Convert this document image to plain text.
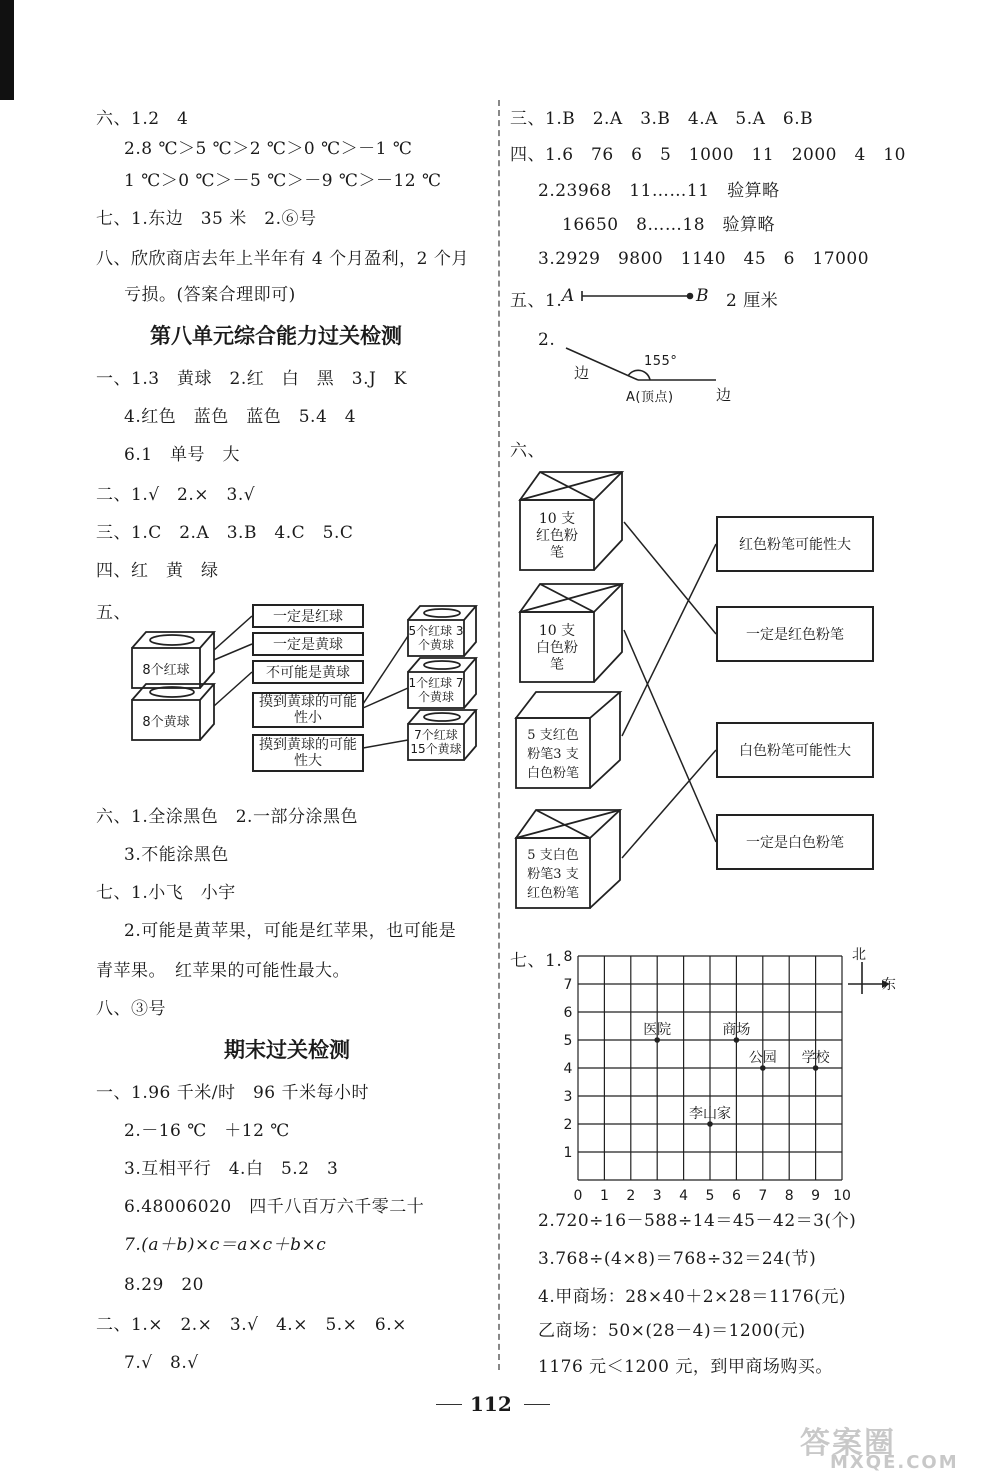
六、1.2　4
2.8 ℃＞5 ℃＞2 ℃＞0 ℃＞－1 ℃
1 ℃＞0 ℃＞－5 ℃＞－9 ℃＞－12 ℃
七、1.东边　35 米　2.⑥号
八、欣欣商店去年上半年有 4 个月盈利，2 个月
亏损。(答案合理即可)
第八单元综合能力过关检测
一、1.3　黄球　2.红　白　黑　3.J　K
4.红色　蓝色　蓝色　5.4　4
6.1　单号　大
二、1.√　2.×　3.√
三、1.C　2.A　3.B　4.C　5.C
四、红　黄　绿
五、
8个红球
8个黄球
一定是红球
一定是黄球
不可能是黄球
摸到黄球的可能性小
摸到黄球的可能性大
5个红球 3个黄球
1个红球 7个黄球
7个红球 15个黄球
六、1.全涂黑色　2.一部分涂黑色
3.不能涂黑色
七、1.小飞　小宇
2.可能是黄苹果，可能是红苹果，也可能是
青苹果。　红苹果的可能性最大。
八、③号
期末过关检测
一、1.96 千米/时　96 千米每小时
2.－16 ℃　＋12 ℃
3.互相平行　4.白　5.2　3
6.48006020　四千八百万六千零二十
7.(a＋b)×c＝a×c＋b×c
8.29　20
二、1.×　2.×　3.√　4.×　5.×　6.×
7.√　8.√
三、1.B　2.A　3.B　4.A　5.A　6.B
四、1.6　76　6　5　1000　11　2000　4　10
2.23968　11……11　验算略
16650　8……18　验算略
3.2929　9800　1140　45　6　17000
五、1. A	B 2 厘米
2.
边
155°
A(顶点)	边
六、
10 支红色粉笔
10 支白色粉笔
5 支红色粉笔3 支白色粉笔
5 支白色粉笔3 支红色粉笔
红色粉笔可能性大
一定是红色粉笔
白色粉笔可能性大
一定是白色粉笔
七、1.
0 1 2 3 4 5 6 7 8 9 10
1
2
3
4
5
6
7
8
医院	商场
公园 学校
李山家
北
东
2.720÷16－588÷14＝45－42＝3(个)
3.768÷(4×8)＝768÷32＝24(节)
4.甲商场：28×40＋2×28＝1176(元)
乙商场：50×(28－4)＝1200(元)
1176 元＜1200 元，到甲商场购买。
112
答案圈
MXQE.COM
